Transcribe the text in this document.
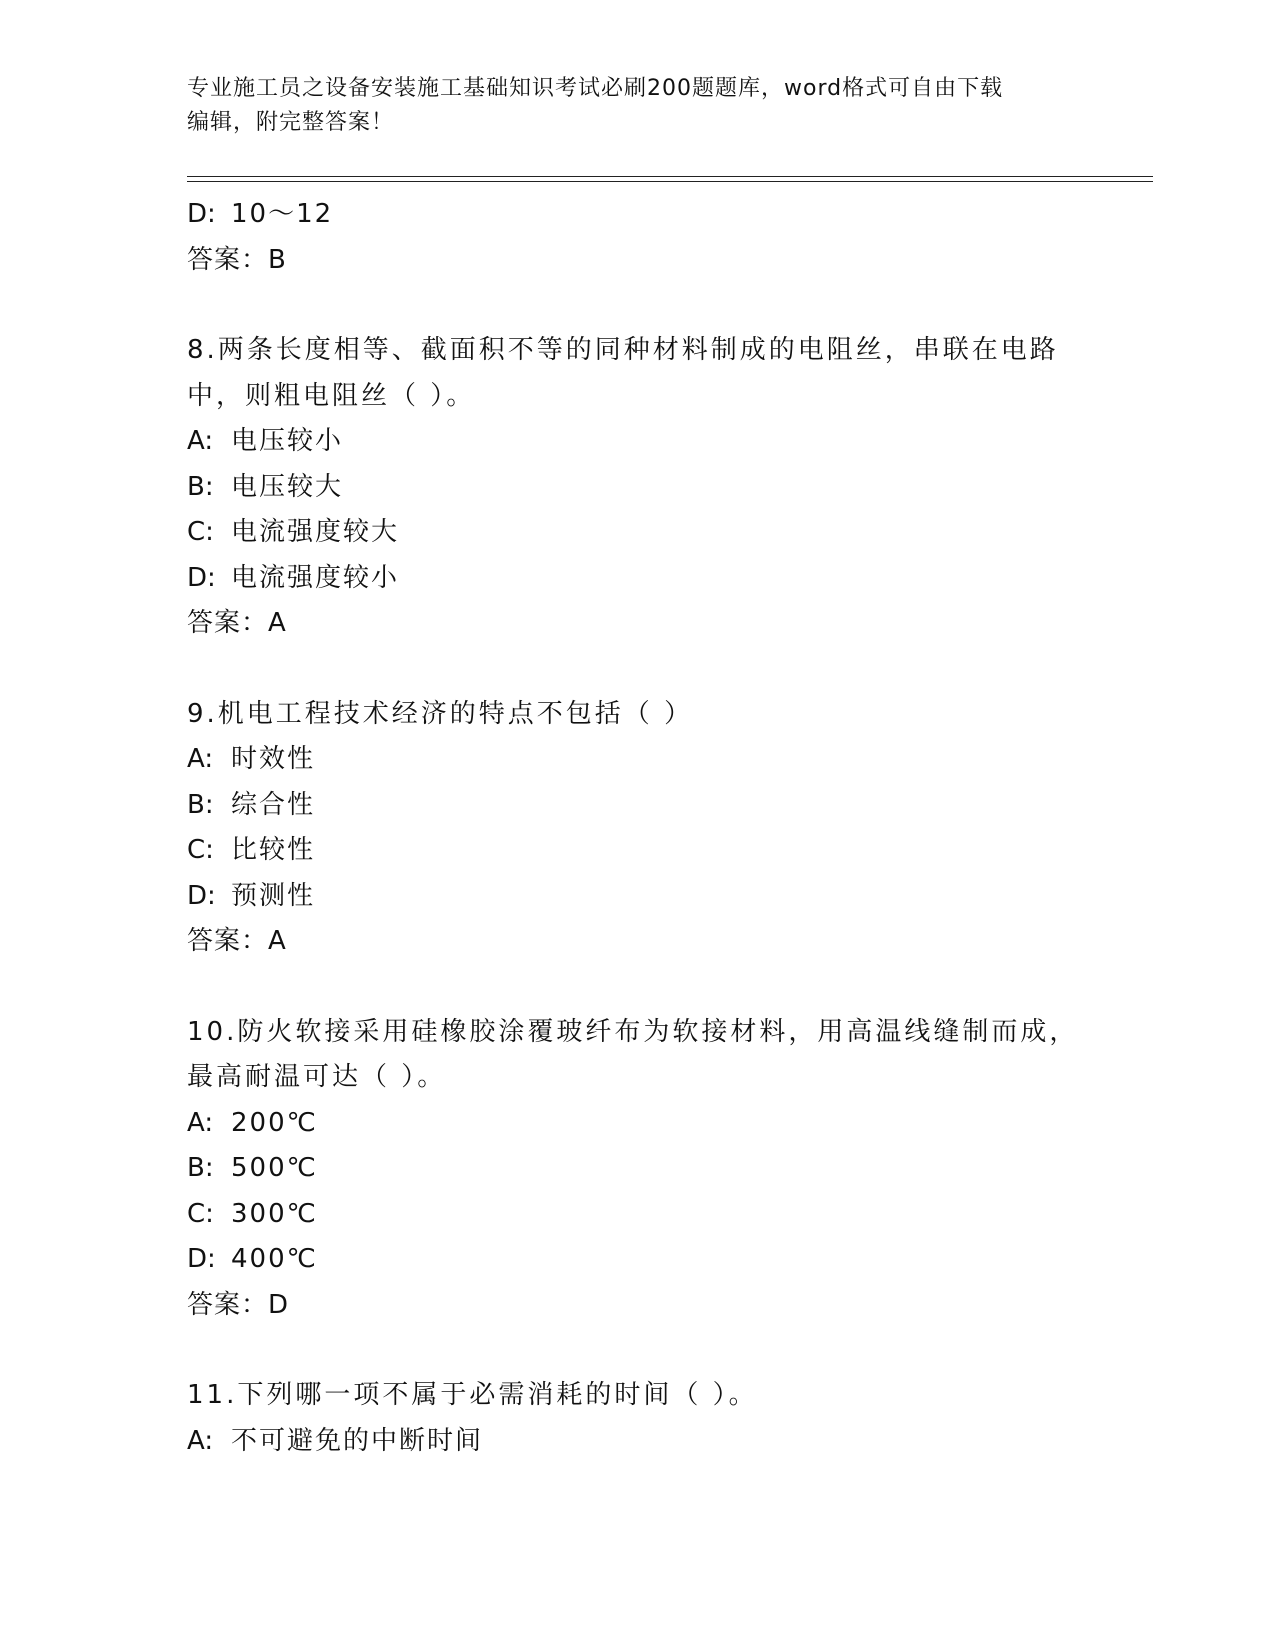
专业施工员之设备安装施工基础知识考试必刷200题题库，word格式可自由下载
编辑，附完整答案！
D: 10～12
答案：B
8.两条长度相等、截面积不等的同种材料制成的电阻丝，串联在电路
中，则粗电阻丝（ ）。
A: 电压较小
B: 电压较大
C: 电流强度较大
D: 电流强度较小
答案：A
9.机电工程技术经济的特点不包括（ ）
A: 时效性
B: 综合性
C: 比较性
D: 预测性
答案：A
10.防火软接采用硅橡胶涂覆玻纤布为软接材料，用高温线缝制而成，
最高耐温可达（ ）。
A: 200℃
B: 500℃
C: 300℃
D: 400℃
答案：D
11.下列哪一项不属于必需消耗的时间（ ）。
A: 不可避免的中断时间
